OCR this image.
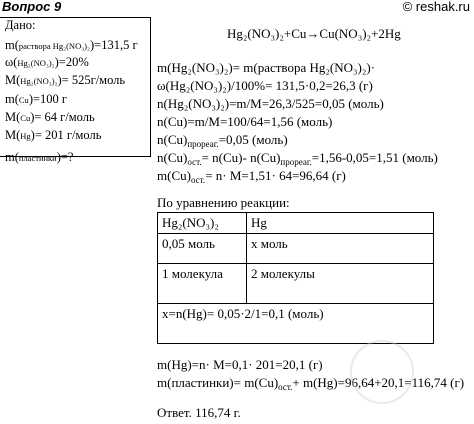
Вопрос 9	© reshak.ru
Дано:
m(раствора Hg₂(NO₃)₂)=131,5 г
ω(Hg₂(NO₃)₂)=20%
M(Hg₂(NO₃)₂)= 525г/моль
m(Cu)=100 г
M(Cu)= 64 г/моль
M(Hg)= 201 г/моль
m(пластинки)=?
Hg₂(NO₃)₂+Cu→Cu(NO₃)₂+2Hg
m(Hg₂(NO₃)₂)= m(раствора Hg₂(NO₃)₂)·
ω(Hg₂(NO₃)₂)/100%= 131,5·0,2=26,3 (г)
n(Hg₂(NO₃)₂)=m/M=26,3/525=0,05 (моль)
n(Cu)=m/M=100/64=1,56 (моль)
$n(Cu)_{прореаг.}=0,05$ (моль)
$n(Cu)_{ост.}= n(Cu)-$ $n(Cu)_{прореаг.}=1,56-0,05=1,51$ (моль)
$m(Cu)_{ост.}= n\cdot M=1,51\cdot 64=96,64$ (г)
По уравнению реакции:
Hg₂(NO₃)₂	Hg
0,05 моль	х моль
1 молекула	2 молекулы
x=n(Hg)= 0,05·2/1=0,1 (моль)	
m(Hg)=n· M=0,1· 201=20,1 (г)
m(пластинки)= $m(Cu)_{ост.}+ m(Hg)=96,64+20,1=116,74$ (г)
Ответ. 116,74 г.
